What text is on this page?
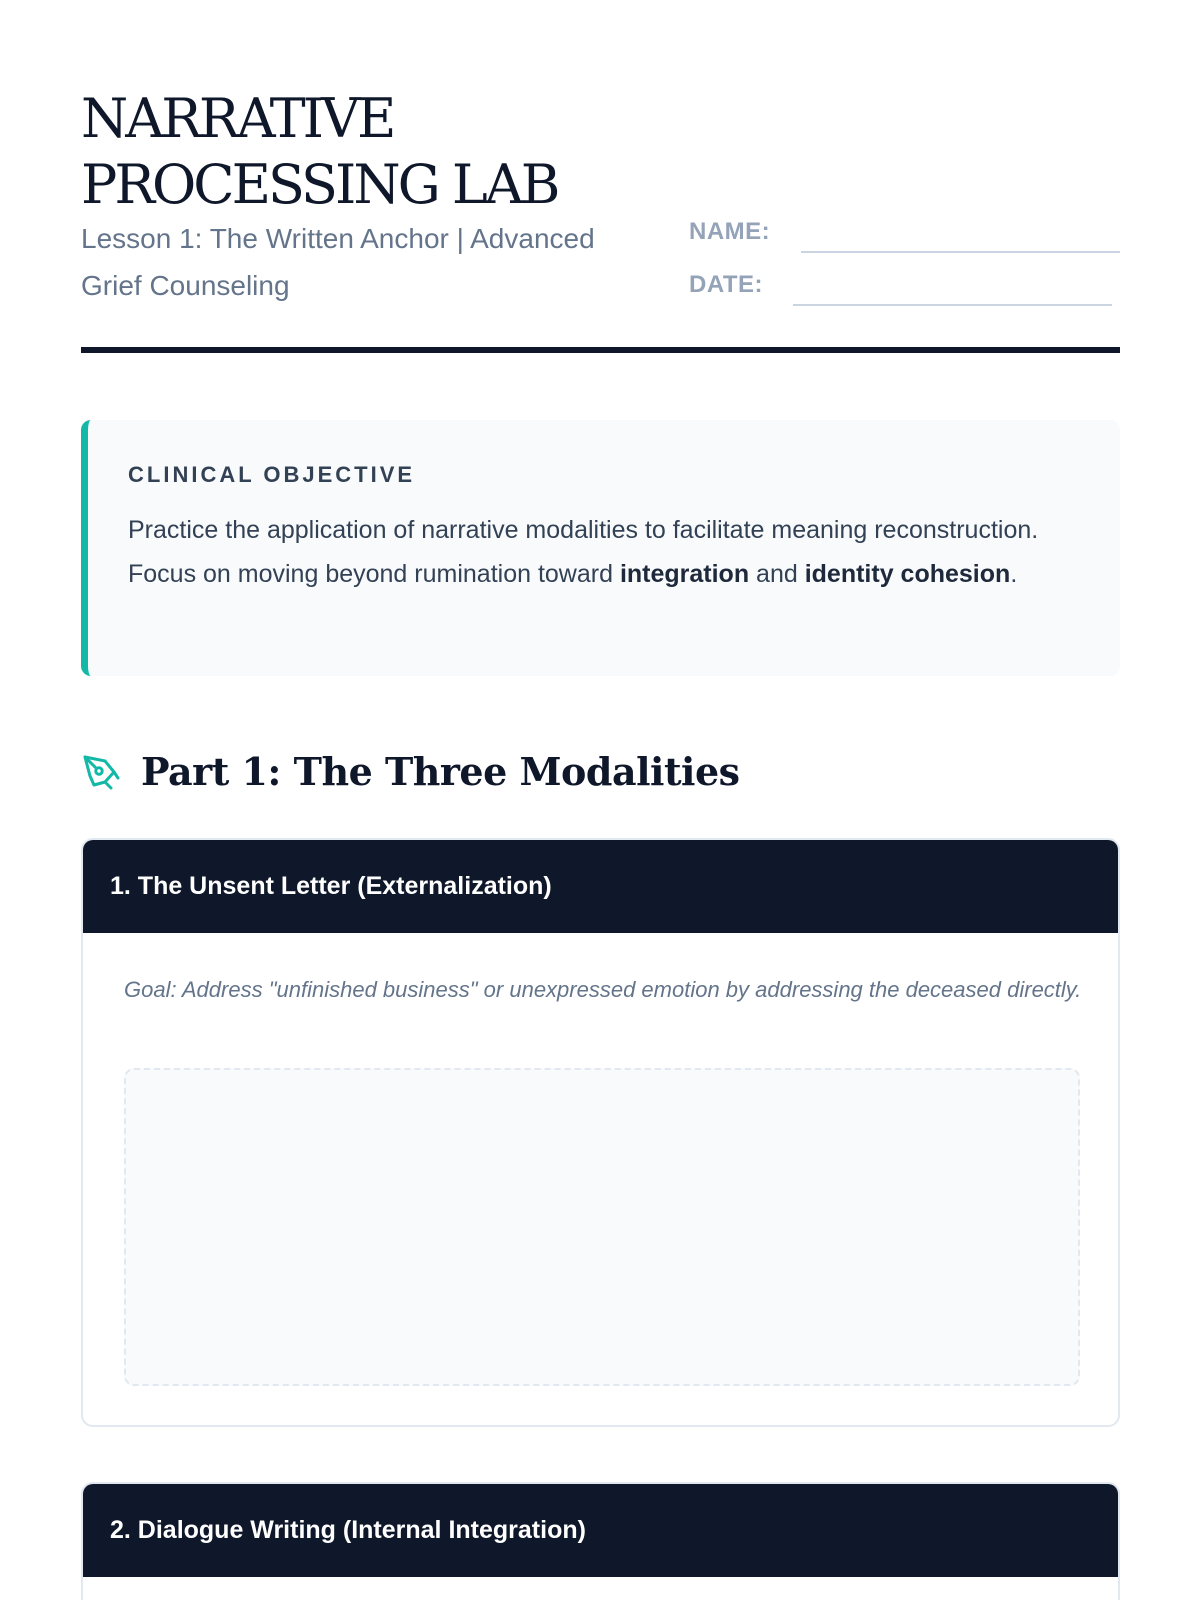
NARRATIVE
PROCESSING LAB
Lesson 1: The Written Anchor | Advanced Grief Counseling
NAME:
DATE:
CLINICAL OBJECTIVE

Practice the application of narrative modalities to facilitate meaning reconstruction. Focus on moving beyond rumination toward integration and identity cohesion.

Part 1: The Three Modalities
1. The Unsent Letter (Externalization)
Goal: Address "unfinished business" or unexpressed emotion by addressing the deceased directly.
2. Dialogue Writing (Internal Integration)
